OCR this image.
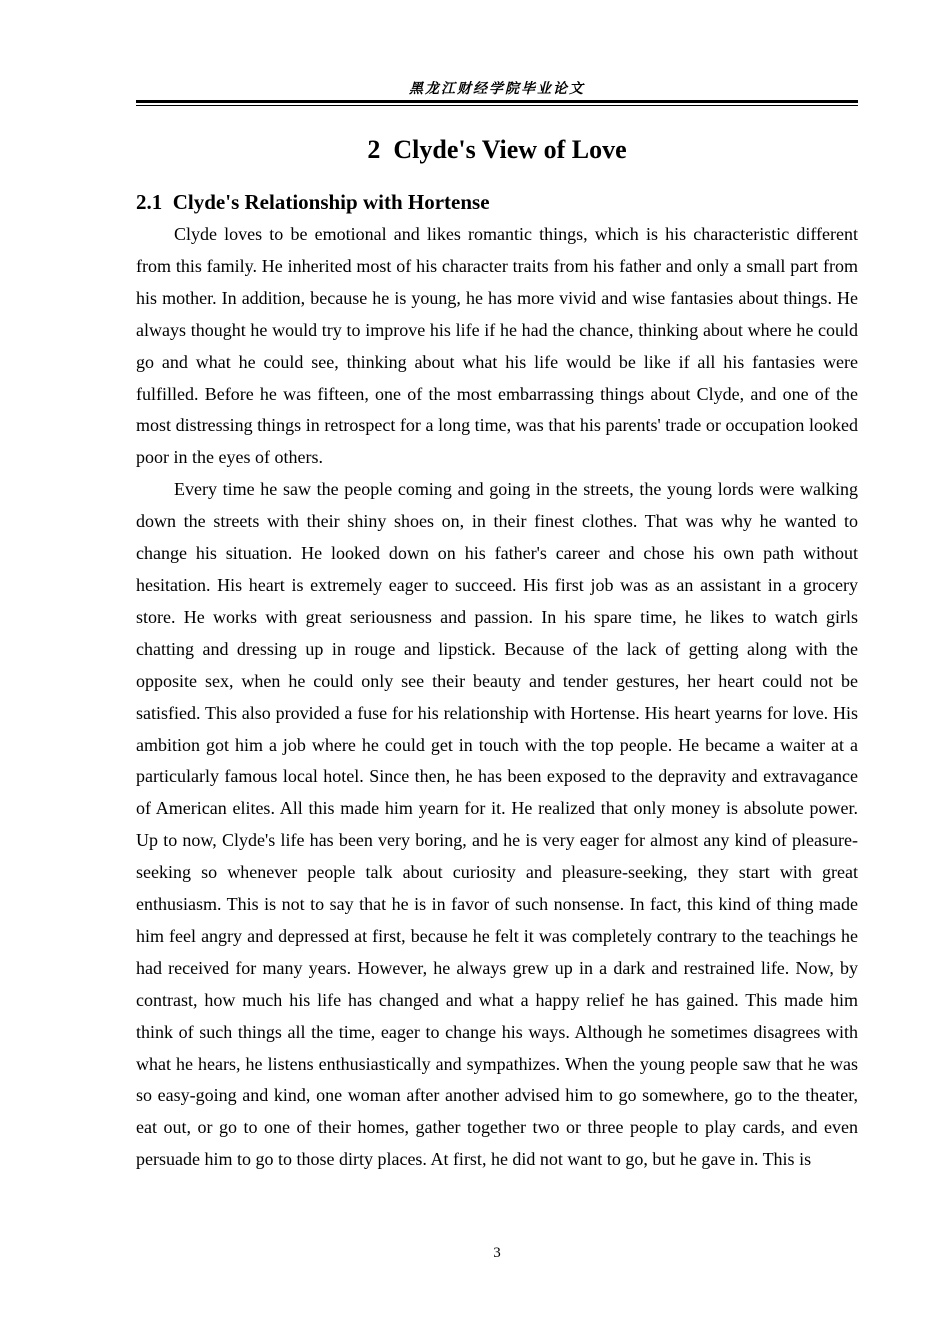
黑龙江财经学院毕业论文
2  Clyde's View of Love
2.1  Clyde's Relationship with Hortense

Clyde loves to be emotional and likes romantic things, which is his characteristic different from this family. He inherited most of his character traits from his father and only a small part from his mother. In addition, because he is young, he has more vivid and wise fantasies about things. He always thought he would try to improve his life if he had the chance, thinking about where he could go and what he could see, thinking about what his life would be like if all his fantasies were fulfilled. Before he was fifteen, one of the most embarrassing things about Clyde, and one of the most distressing things in retrospect for a long time, was that his parents' trade or occupation looked poor in the eyes of others.

Every time he saw the people coming and going in the streets, the young lords were walking down the streets with their shiny shoes on, in their finest clothes. That was why he wanted to change his situation. He looked down on his father's career and chose his own path without hesitation. His heart is extremely eager to succeed. His first job was as an assistant in a grocery store. He works with great seriousness and passion. In his spare time, he likes to watch girls chatting and dressing up in rouge and lipstick. Because of the lack of getting along with the opposite sex, when he could only see their beauty and tender gestures, her heart could not be satisfied. This also provided a fuse for his relationship with Hortense. His heart yearns for love. His ambition got him a job where he could get in touch with the top people. He became a waiter at a particularly famous local hotel. Since then, he has been exposed to the depravity and extravagance of American elites. All this made him yearn for it. He realized that only money is absolute power. Up to now, Clyde's life has been very boring, and he is very eager for almost any kind of pleasure-seeking so whenever people talk about curiosity and pleasure-seeking, they start with great enthusiasm. This is not to say that he is in favor of such nonsense. In fact, this kind of thing made him feel angry and depressed at first, because he felt it was completely contrary to the teachings he had received for many years. However, he always grew up in a dark and restrained life. Now, by contrast, how much his life has changed and what a happy relief he has gained. This made him think of such things all the time, eager to change his ways. Although he sometimes disagrees with what he hears, he listens enthusiastically and sympathizes. When the young people saw that he was so easy-going and kind, one woman after another advised him to go somewhere, go to the theater, eat out, or go to one of their homes, gather together two or three people to play cards, and even persuade him to go to those dirty places. At first, he did not want to go, but he gave in. This is

3
